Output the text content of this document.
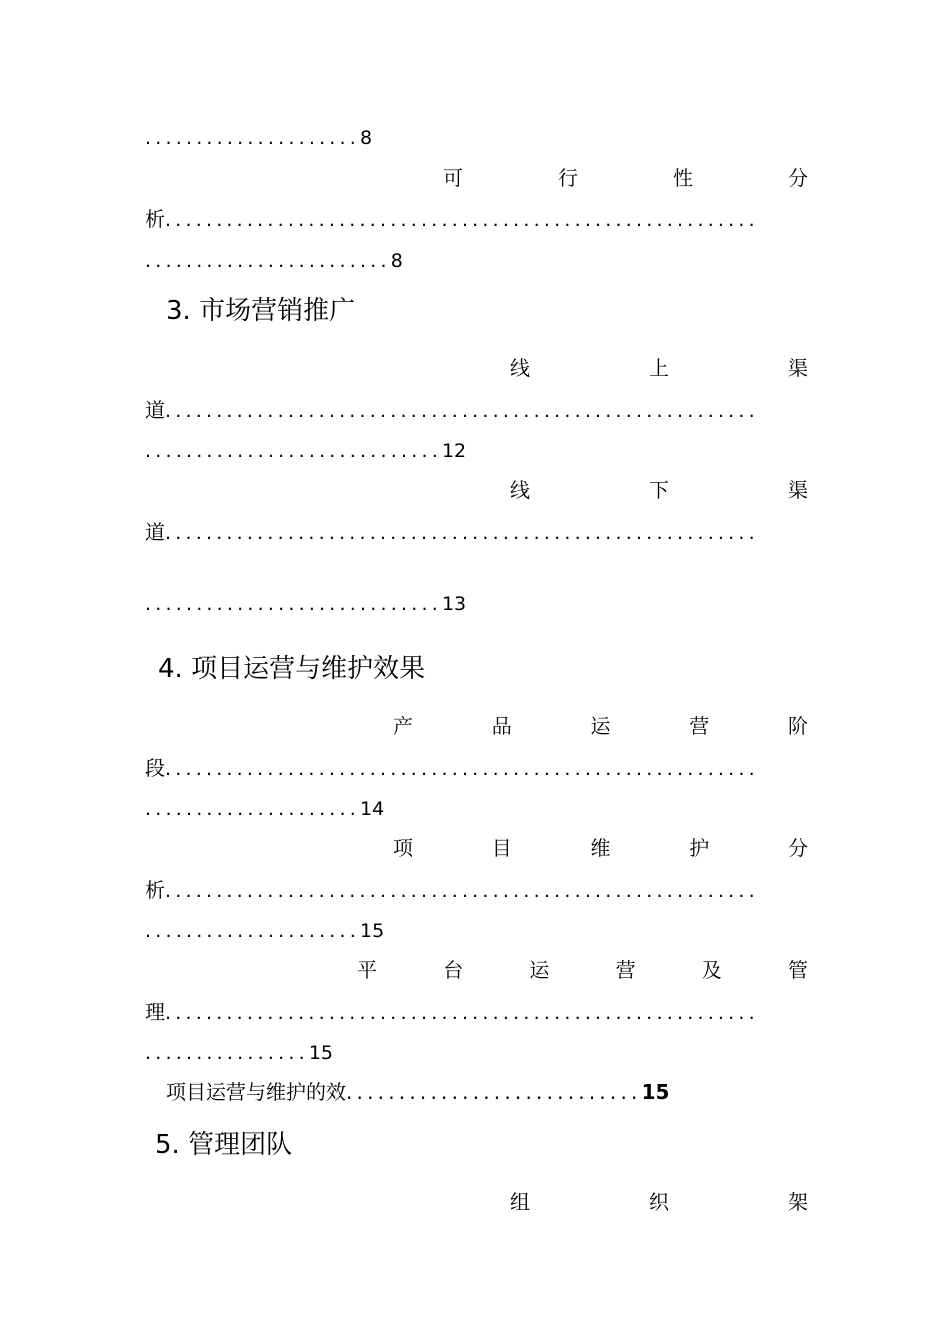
.....................8
可	行	性	分
析..........................................................
........................8
3. 市场营销推广
线	上	渠
道..........................................................
.............................12
线	下	渠
道..........................................................
.............................13
4. 项目运营与维护效果
产	品	运	营	阶
段..........................................................
.....................14
项	目	维	护	分
析..........................................................
.....................15
平	台	运	营	及	管
理..........................................................
................15
项目运营与维护的效............................15
5. 管理团队
组	织	架
